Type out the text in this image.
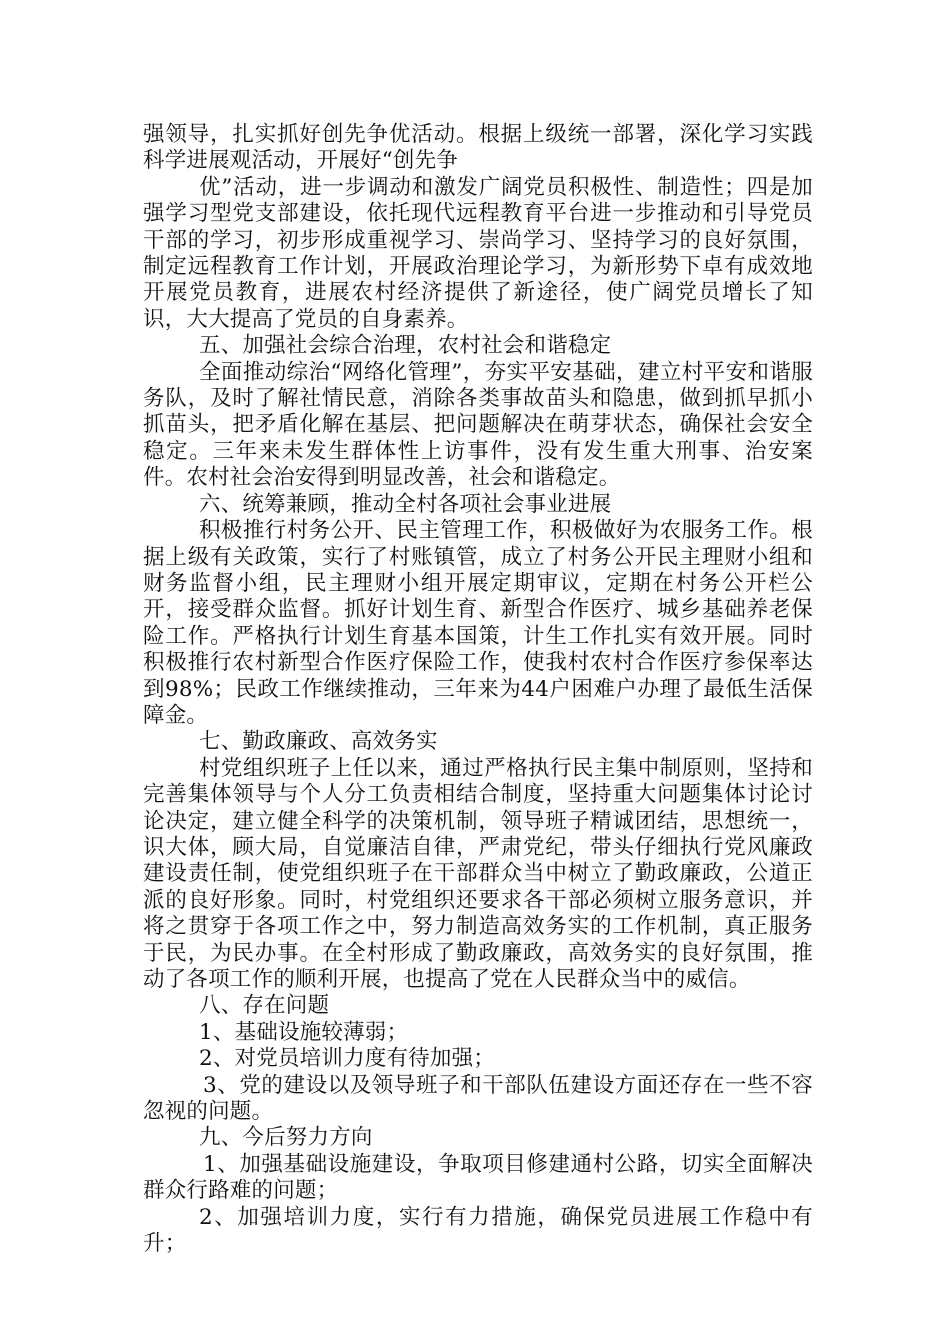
强领导，扎实抓好创先争优活动。根据上级统一部署，深化学习实践科学进展观活动，开展好“创先争

优”活动，进一步调动和激发广阔党员积极性、制造性；四是加强学习型党支部建设，依托现代远程教育平台进一步推动和引导党员干部的学习，初步形成重视学习、崇尚学习、坚持学习的良好氛围，制定远程教育工作计划，开展政治理论学习，为新形势下卓有成效地开展党员教育，进展农村经济提供了新途径，使广阔党员增长了知识，大大提高了党员的自身素养。

五、加强社会综合治理，农村社会和谐稳定

全面推动综治“网络化管理”，夯实平安基础，建立村平安和谐服务队，及时了解社情民意，消除各类事故苗头和隐患，做到抓早抓小抓苗头，把矛盾化解在基层、把问题解决在萌芽状态，确保社会安全稳定。三年来未发生群体性上访事件，没有发生重大刑事、治安案件。农村社会治安得到明显改善，社会和谐稳定。

六、统筹兼顾，推动全村各项社会事业进展

积极推行村务公开、民主管理工作，积极做好为农服务工作。根据上级有关政策，实行了村账镇管，成立了村务公开民主理财小组和财务监督小组，民主理财小组开展定期审议，定期在村务公开栏公开，接受群众监督。抓好计划生育、新型合作医疗、城乡基础养老保险工作。严格执行计划生育基本国策，计生工作扎实有效开展。同时积极推行农村新型合作医疗保险工作，使我村农村合作医疗参保率达到98%；民政工作继续推动，三年来为44户困难户办理了最低生活保障金。

七、勤政廉政、高效务实

村党组织班子上任以来，通过严格执行民主集中制原则，坚持和完善集体领导与个人分工负责相结合制度，坚持重大问题集体讨论讨论决定，建立健全科学的决策机制，领导班子精诚团结，思想统一，识大体，顾大局，自觉廉洁自律，严肃党纪，带头仔细执行党风廉政建设责任制，使党组织班子在干部群众当中树立了勤政廉政，公道正派的良好形象。同时，村党组织还要求各干部必须树立服务意识，并将之贯穿于各项工作之中，努力制造高效务实的工作机制，真正服务于民，为民办事。在全村形成了勤政廉政，高效务实的良好氛围，推动了各项工作的顺利开展，也提高了党在人民群众当中的威信。

八、存在问题

1、基础设施较薄弱；

2、对党员培训力度有待加强；

3、党的建设以及领导班子和干部队伍建设方面还存在一些不容忽视的问题。

九、今后努力方向

1、加强基础设施建设，争取项目修建通村公路，切实全面解决群众行路难的问题；

2、加强培训力度，实行有力措施，确保党员进展工作稳中有升；
